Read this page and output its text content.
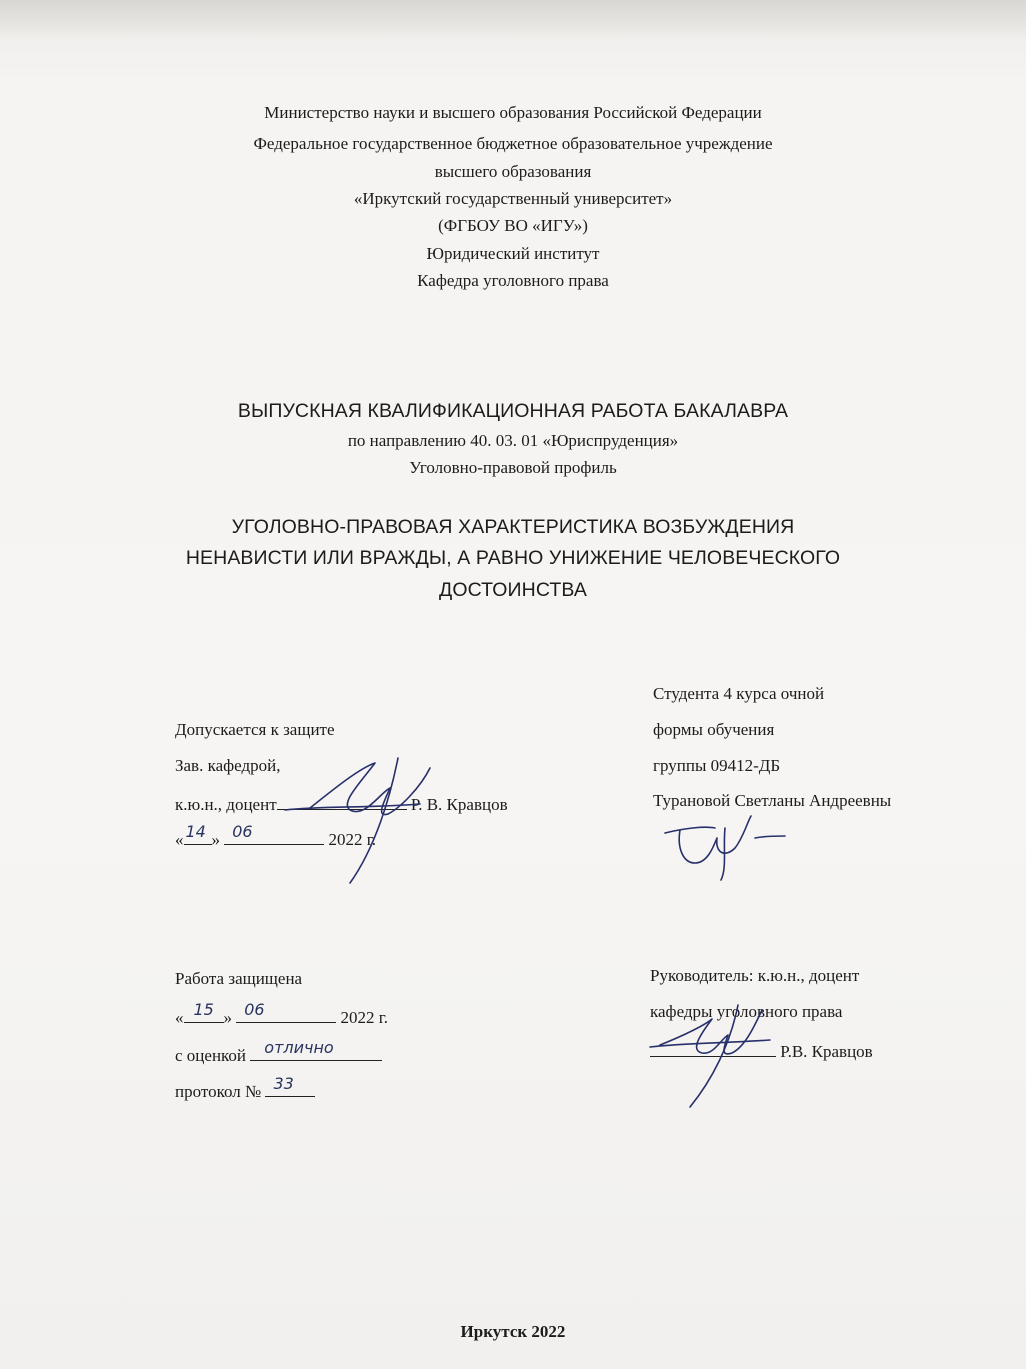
Министерство науки и высшего образования Российской Федерации
Федеральное государственное бюджетное образовательное учреждение
высшего образования
«Иркутский государственный университет»
(ФГБОУ ВО «ИГУ»)
Юридический институт
Кафедра уголовного права
ВЫПУСКНАЯ КВАЛИФИКАЦИОННАЯ РАБОТА БАКАЛАВРА
по направлению 40. 03. 01 «Юриспруденция»
Уголовно-правовой профиль
УГОЛОВНО-ПРАВОВАЯ ХАРАКТЕРИСТИКА ВОЗБУЖДЕНИЯ
НЕНАВИСТИ ИЛИ ВРАЖДЫ, А РАВНО УНИЖЕНИЕ ЧЕЛОВЕЧЕСКОГО
ДОСТОИНСТВА
Студента 4 курса очной
формы обучения
группы 09412-ДБ
Турановой Светланы Андреевны
Допускается к защите
Зав. кафедрой,
к.ю.н., доцент	Р. В. Кравцов
« 14 » 06	2022 г.
Работа защищена
« 15 » 06	2022 г.
с оценкой отлично
протокол № 33
Руководитель: к.ю.н., доцент
кафедры уголовного права
Р.В. Кравцов
Иркутск 2022
